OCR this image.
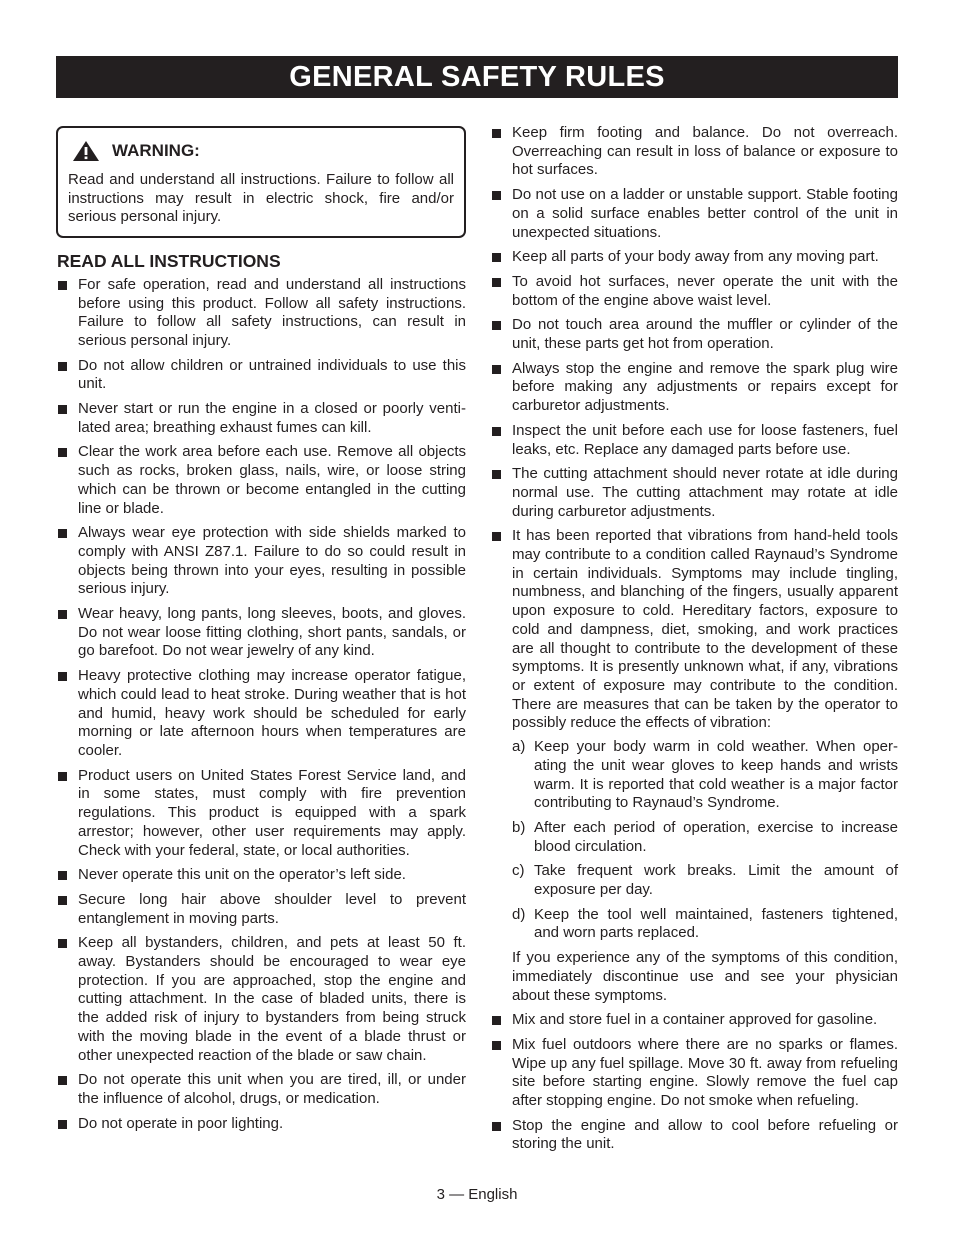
GENERAL SAFETY RULES
WARNING:
Read and understand all instructions. Failure to follow all instructions may result in electric shock, fire and/or serious personal injury.
READ ALL INSTRUCTIONS
For safe operation, read and understand all instructions before using this product. Follow all safety instructions. Failure to follow all safety instructions, can result in serious personal injury.
Do not allow children or untrained individuals to use this unit.
Never start or run the engine in a closed or poorly venti-lated area; breathing exhaust fumes can kill.
Clear the work area before each use. Remove all objects such as rocks, broken glass, nails, wire, or loose string which can be thrown or become entangled in the cutting line or blade.
Always wear eye protection with side shields marked to comply with ANSI Z87.1. Failure to do so could result in objects being thrown into your eyes, resulting in possible serious injury.
Wear heavy, long pants, long sleeves, boots, and gloves. Do not wear loose fitting clothing, short pants, sandals, or go barefoot. Do not wear jewelry of any kind.
Heavy protective clothing may increase operator fatigue, which could lead to heat stroke. During weather that is hot and humid, heavy work should be scheduled for early morning or late afternoon hours when temperatures are cooler.
Product users on United States Forest Service land, and in some states, must comply with fire prevention regulations. This product is equipped with a spark arrestor; however, other user requirements may apply. Check with your federal, state, or local authorities.
Never operate this unit on the operator’s left side.
Secure long hair above shoulder level to prevent entanglement in moving parts.
Keep all bystanders, children, and pets at least 50 ft. away. Bystanders should be encouraged to wear eye protection. If you are approached, stop the engine and cutting attachment. In the case of bladed units, there is the added risk of injury to bystanders from being struck with the moving blade in the event of a blade thrust or other unexpected reaction of the blade or saw chain.
Do not operate this unit when you are tired, ill, or under the influence of alcohol, drugs, or medication.
Do not operate in poor lighting.
Keep firm footing and balance. Do not overreach. Overreaching can result in loss of balance or exposure to hot surfaces.
Do not use on a ladder or unstable support. Stable footing on a solid surface enables better control of the unit in unexpected situations.
Keep all parts of your body away from any moving part.
To avoid hot surfaces, never operate the unit with the bottom of the engine above waist level.
Do not touch area around the muffler or cylinder of the unit, these parts get hot from operation.
Always stop the engine and remove the spark plug wire before making any adjustments or repairs except for carburetor adjustments.
Inspect the unit before each use for loose fasteners, fuel leaks, etc. Replace any damaged parts before use.
The cutting attachment should never rotate at idle during normal use. The cutting attachment may rotate at idle during carburetor adjustments.
It has been reported that vibrations from hand-held tools may contribute to a condition called Raynaud’s Syndrome in certain individuals. Symptoms may include tingling, numbness, and blanching of the fingers, usually apparent upon exposure to cold. Hereditary factors, exposure to cold and dampness, diet, smoking, and work practices are all thought to contribute to the development of these symptoms. It is presently unknown what, if any, vibrations or extent of exposure may contribute to the condition. There are measures that can be taken by the operator to possibly reduce the effects of vibration:
a) Keep your body warm in cold weather. When oper-ating the unit wear gloves to keep hands and wrists warm. It is reported that cold weather is a major factor contributing to Raynaud’s Syndrome.
b) After each period of operation, exercise to increase blood circulation.
c) Take frequent work breaks. Limit the amount of exposure per day.
d) Keep the tool well maintained, fasteners tightened, and worn parts replaced.
If you experience any of the symptoms of this condition, immediately discontinue use and see your physician about these symptoms.
Mix and store fuel in a container approved for gasoline.
Mix fuel outdoors where there are no sparks or flames. Wipe up any fuel spillage. Move 30 ft. away from refueling site before starting engine. Slowly remove the fuel cap after stopping engine. Do not smoke when refueling.
Stop the engine and allow to cool before refueling or storing the unit.
3 — English
